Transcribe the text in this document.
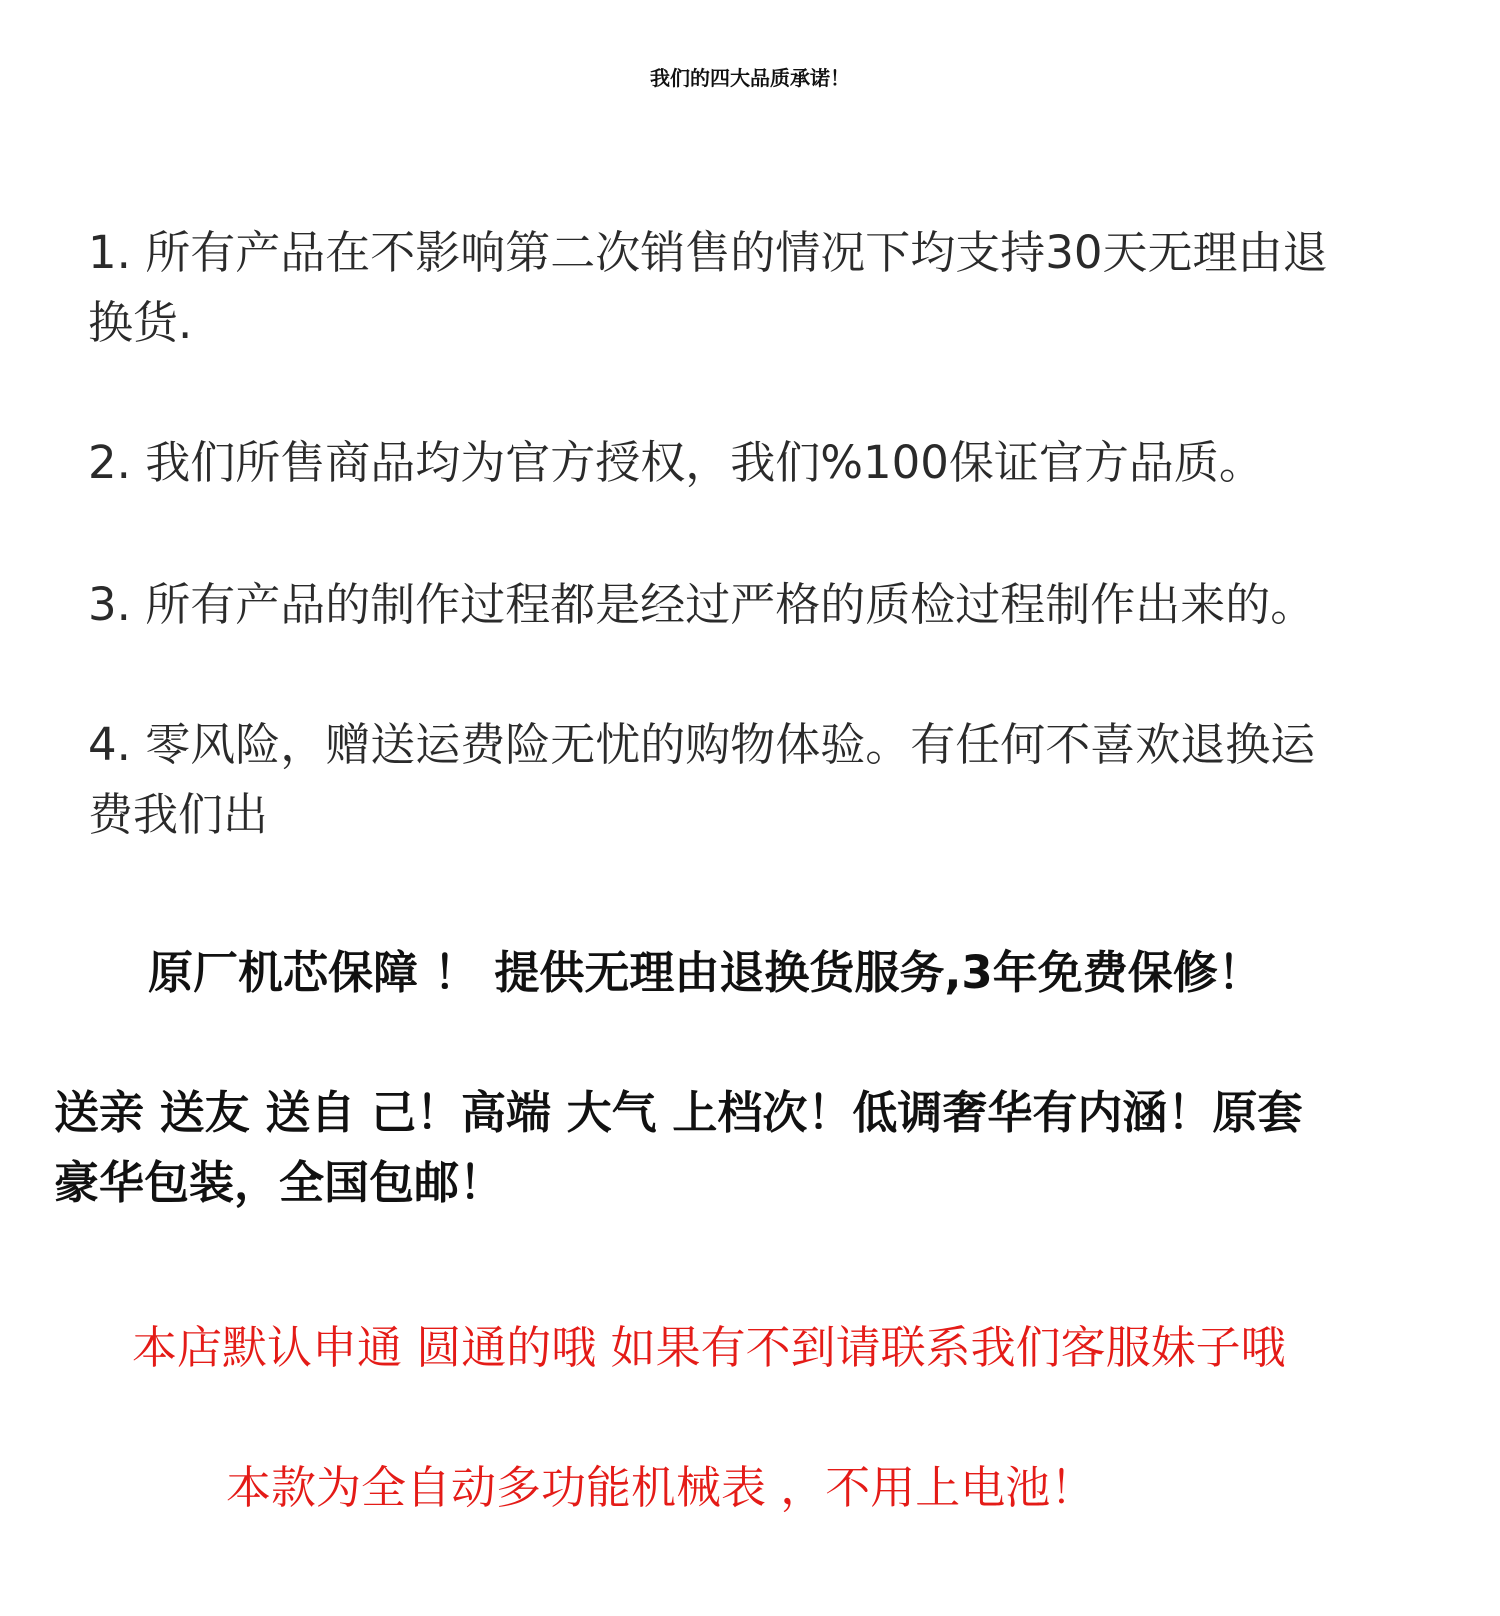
我们的四大品质承诺！
1. 所有产品在不影响第二次销售的情况下均支持30天无理由退
换货.
2. 我们所售商品均为官方授权，我们%100保证官方品质。
3. 所有产品的制作过程都是经过严格的质检过程制作出来的。
4. 零风险，赠送运费险无忧的购物体验。有任何不喜欢退换运
费我们出
原厂机芯保障 ！ 提供无理由退换货服务,3年免费保修！
送亲 送友 送自 己！高端 大气 上档次！低调奢华有内涵！原套
豪华包装，全国包邮！
本店默认申通 圆通的哦 如果有不到请联系我们客服妹子哦
本款为全自动多功能机械表 ，不用上电池！
